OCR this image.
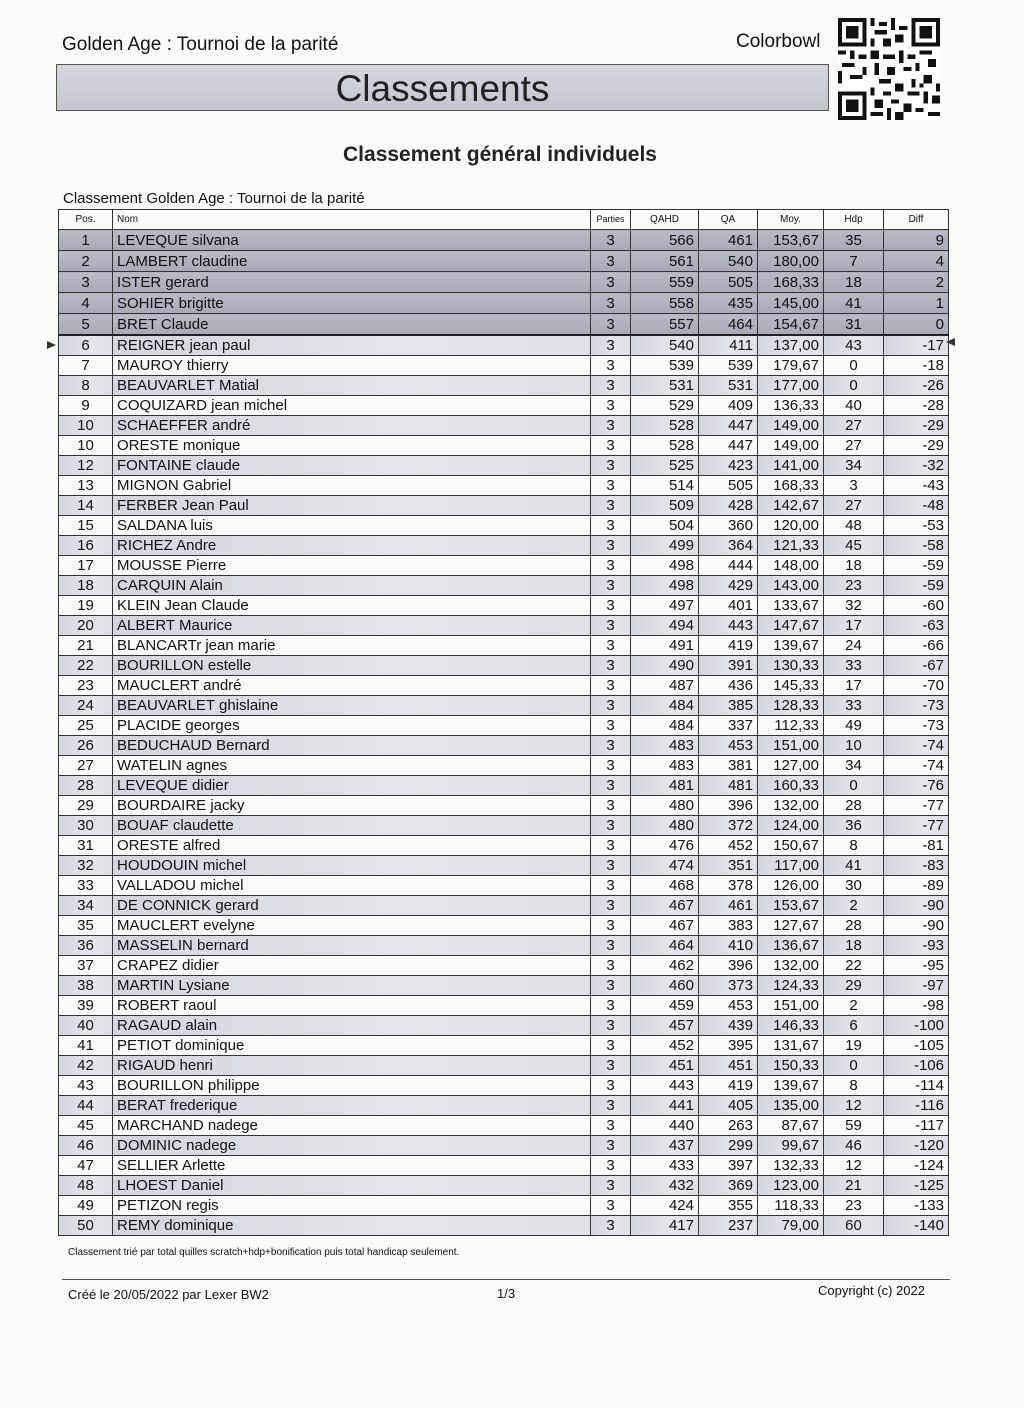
Golden Age : Tournoi de la parité	Colorbowl
Classements
Classement général individuels
Classement Golden Age : Tournoi de la parité
Pos.	Nom	Parties	QAHD	QA	Moy.	Hdp	Diff
1	LEVEQUE silvana	3	566	461	153,67	35	9
2	LAMBERT claudine	3	561	540	180,00	7	4
3	ISTER gerard	3	559	505	168,33	18	2
4	SOHIER brigitte	3	558	435	145,00	41	1
5	BRET Claude	3	557	464	154,67	31	0
6	REIGNER jean paul	3	540	411	137,00	43	-17
7	MAUROY thierry	3	539	539	179,67	0	-18
8	BEAUVARLET Matial	3	531	531	177,00	0	-26
9	COQUIZARD jean michel	3	529	409	136,33	40	-28
10	SCHAEFFER andré	3	528	447	149,00	27	-29
10	ORESTE monique	3	528	447	149,00	27	-29
12	FONTAINE claude	3	525	423	141,00	34	-32
13	MIGNON Gabriel	3	514	505	168,33	3	-43
14	FERBER Jean Paul	3	509	428	142,67	27	-48
15	SALDANA luis	3	504	360	120,00	48	-53
16	RICHEZ Andre	3	499	364	121,33	45	-58
17	MOUSSE Pierre	3	498	444	148,00	18	-59
18	CARQUIN Alain	3	498	429	143,00	23	-59
19	KLEIN Jean Claude	3	497	401	133,67	32	-60
20	ALBERT Maurice	3	494	443	147,67	17	-63
21	BLANCARTr jean marie	3	491	419	139,67	24	-66
22	BOURILLON estelle	3	490	391	130,33	33	-67
23	MAUCLERT andré	3	487	436	145,33	17	-70
24	BEAUVARLET ghislaine	3	484	385	128,33	33	-73
25	PLACIDE georges	3	484	337	112,33	49	-73
26	BEDUCHAUD Bernard	3	483	453	151,00	10	-74
27	WATELIN agnes	3	483	381	127,00	34	-74
28	LEVEQUE didier	3	481	481	160,33	0	-76
29	BOURDAIRE jacky	3	480	396	132,00	28	-77
30	BOUAF claudette	3	480	372	124,00	36	-77
31	ORESTE alfred	3	476	452	150,67	8	-81
32	HOUDOUIN michel	3	474	351	117,00	41	-83
33	VALLADOU michel	3	468	378	126,00	30	-89
34	DE CONNICK gerard	3	467	461	153,67	2	-90
35	MAUCLERT evelyne	3	467	383	127,67	28	-90
36	MASSELIN bernard	3	464	410	136,67	18	-93
37	CRAPEZ didier	3	462	396	132,00	22	-95
38	MARTIN Lysiane	3	460	373	124,33	29	-97
39	ROBERT raoul	3	459	453	151,00	2	-98
40	RAGAUD alain	3	457	439	146,33	6	-100
41	PETIOT dominique	3	452	395	131,67	19	-105
42	RIGAUD henri	3	451	451	150,33	0	-106
43	BOURILLON philippe	3	443	419	139,67	8	-114
44	BERAT frederique	3	441	405	135,00	12	-116
45	MARCHAND nadege	3	440	263	87,67	59	-117
46	DOMINIC nadege	3	437	299	99,67	46	-120
47	SELLIER Arlette	3	433	397	132,33	12	-124
48	LHOEST Daniel	3	432	369	123,00	21	-125
49	PETIZON regis	3	424	355	118,33	23	-133
50	REMY dominique	3	417	237	79,00	60	-140
Classement trié par total quilles scratch+hdp+bonification puis total handicap seulement.
Créé le 20/05/2022 par Lexer BW2	1/3	Copyright (c) 2022
